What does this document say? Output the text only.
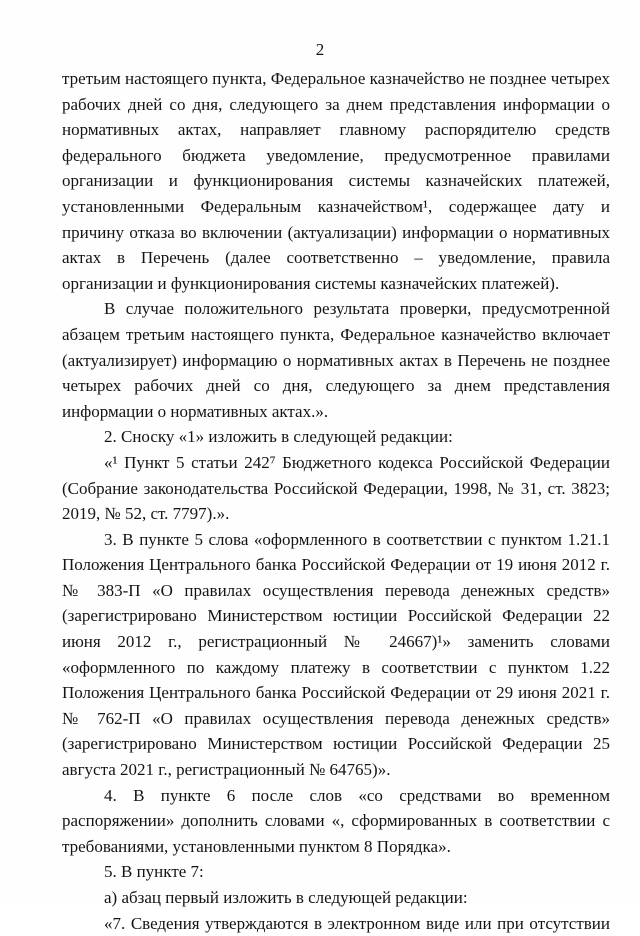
2

третьим настоящего пункта, Федеральное казначейство не позднее четырех рабочих дней со дня, следующего за днем представления информации о нормативных актах, направляет главному распорядителю средств федерального бюджета уведомление, предусмотренное правилами организации и функционирования системы казначейских платежей, установленными Федеральным казначейством¹, содержащее дату и причину отказа во включении (актуализации) информации о нормативных актах в Перечень (далее соответственно – уведомление, правила организации и функционирования системы казначейских платежей).

В случае положительного результата проверки, предусмотренной абзацем третьим настоящего пункта, Федеральное казначейство включает (актуализирует) информацию о нормативных актах в Перечень не позднее четырех рабочих дней со дня, следующего за днем представления информации о нормативных актах.».

2. Сноску «1» изложить в следующей редакции:

«¹ Пункт 5 статьи 242⁷ Бюджетного кодекса Российской Федерации (Собрание законодательства Российской Федерации, 1998, № 31, ст. 3823; 2019, № 52, ст. 7797).».

3. В пункте 5 слова «оформленного в соответствии с пунктом 1.21.1 Положения Центрального банка Российской Федерации от 19 июня 2012 г. № 383-П «О правилах осуществления перевода денежных средств» (зарегистрировано Министерством юстиции Российской Федерации 22 июня 2012 г., регистрационный № 24667)¹» заменить словами «оформленного по каждому платежу в соответствии с пунктом 1.22 Положения Центрального банка Российской Федерации от 29 июня 2021 г. № 762-П «О правилах осуществления перевода денежных средств» (зарегистрировано Министерством юстиции Российской Федерации 25 августа 2021 г., регистрационный № 64765)».

4. В пункте 6 после слов «со средствами во временном распоряжении» дополнить словами «, сформированных в соответствии с требованиями, установленными пунктом 8 Порядка».

5. В пункте 7:

а) абзац первый изложить в следующей редакции:

«7. Сведения утверждаются в электронном виде или при отсутствии
